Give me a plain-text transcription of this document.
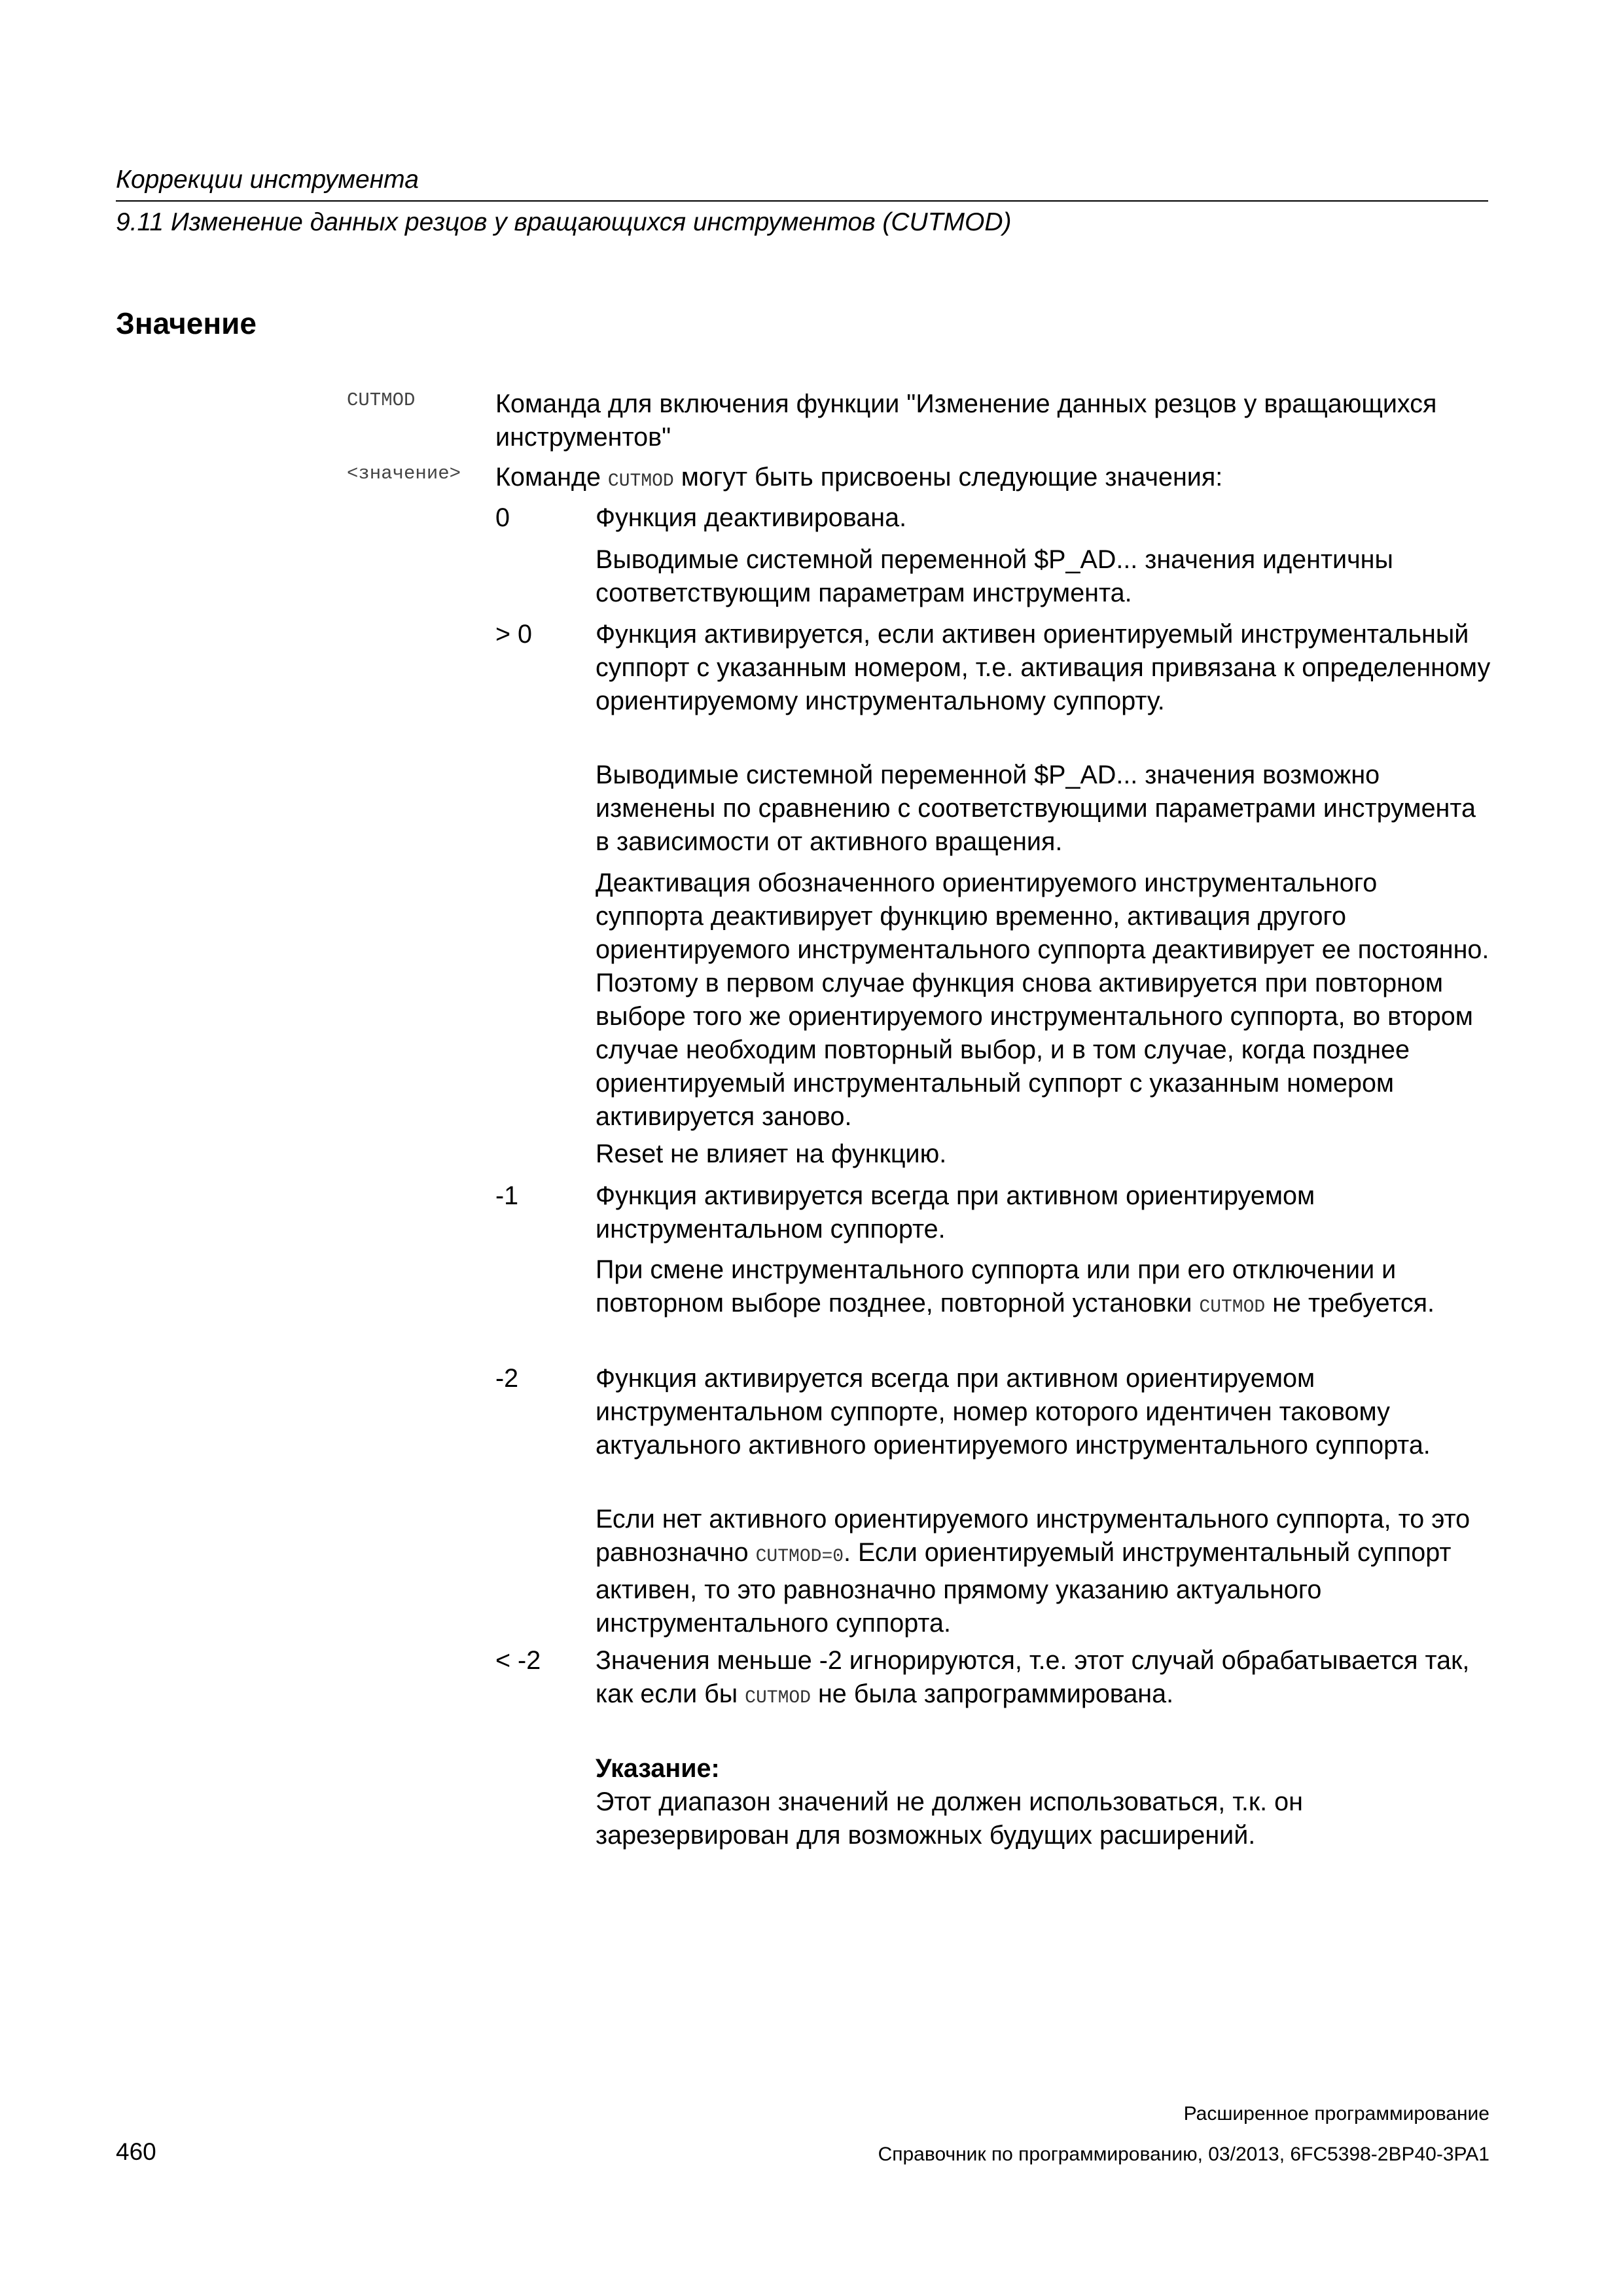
Коррекции инструмента
9.11 Изменение данных резцов у вращающихся инструментов (CUTMOD)
Значение
CUTMOD	Команда для включения функции "Изменение данных резцов у вращающихся инструментов"
<значение> Команде CUTMOD могут быть присвоены следующие значения:
0	Функция деактивирована.
Выводимые системной переменной $P_AD... значения идентичны соответствующим параметрам инструмента.
> 0 Функция активируется, если активен ориентируемый инструментальный суппорт с указанным номером, т.е. активация привязана к определенному ориентируемому инструментальному суппорту.
Выводимые системной переменной $P_AD... значения возможно изменены по сравнению с соответствующими параметрами инструмента в зависимости от активного вращения.
Деактивация обозначенного ориентируемого инструментального суппорта деактивирует функцию временно, активация другого ориентируемого инструментального суппорта деактивирует ее постоянно. Поэтому в первом случае функция снова активируется при повторном выборе того же ориентируемого инструментального суппорта, во втором случае необходим повторный выбор, и в том случае, когда позднее ориентируемый инструментальный суппорт с указанным номером активируется заново.
Reset не влияет на функцию.
-1	Функция активируется всегда при активном ориентируемом инструментальном суппорте.
При смене инструментального суппорта или при его отключении и повторном выборе позднее, повторной установки CUTMOD не требуется.
-2	Функция активируется всегда при активном ориентируемом инструментальном суппорте, номер которого идентичен таковому актуального активного ориентируемого инструментального суппорта.
Если нет активного ориентируемого инструментального суппорта, то это равнозначно CUTMOD=0. Если ориентируемый инструментальный суппорт активен, то это равнозначно прямому указанию актуального инструментального суппорта.
< -2 Значения меньше -2 игнорируются, т.е. этот случай обрабатывается так, как если бы CUTMOD не была запрограммирована.
Указание:
Этот диапазон значений не должен использоваться, т.к. он зарезервирован для возможных будущих расширений.
Расширенное программирование
460	Справочник по программированию, 03/2013, 6FC5398-2BP40-3PA1
